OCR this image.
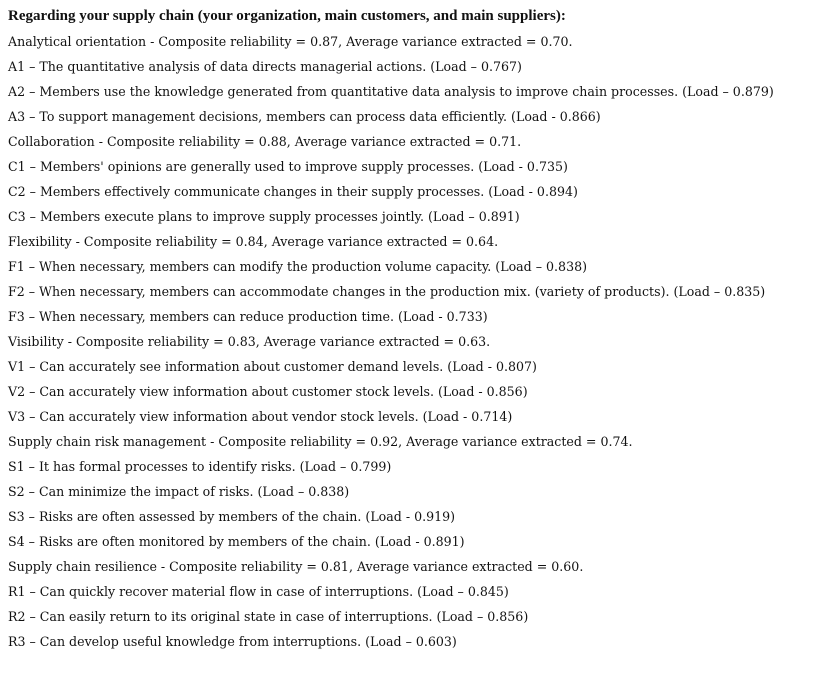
Regarding your supply chain (your organization, main customers, and main suppliers):
Analytical orientation - Composite reliability = 0.87, Average variance extracted = 0.70.
A1 – The quantitative analysis of data directs managerial actions. (Load – 0.767)
A2 – Members use the knowledge generated from quantitative data analysis to improve chain processes. (Load – 0.879)
A3 – To support management decisions, members can process data efficiently. (Load - 0.866)
Collaboration - Composite reliability = 0.88, Average variance extracted = 0.71.
C1 – Members' opinions are generally used to improve supply processes. (Load - 0.735)
C2 – Members effectively communicate changes in their supply processes. (Load - 0.894)
C3 – Members execute plans to improve supply processes jointly. (Load – 0.891)
Flexibility - Composite reliability = 0.84, Average variance extracted = 0.64.
F1 – When necessary, members can modify the production volume capacity. (Load – 0.838)
F2 – When necessary, members can accommodate changes in the production mix. (variety of products). (Load – 0.835)
F3 – When necessary, members can reduce production time. (Load - 0.733)
Visibility - Composite reliability = 0.83, Average variance extracted = 0.63.
V1 – Can accurately see information about customer demand levels. (Load - 0.807)
V2 – Can accurately view information about customer stock levels. (Load - 0.856)
V3 – Can accurately view information about vendor stock levels. (Load - 0.714)
Supply chain risk management - Composite reliability = 0.92, Average variance extracted = 0.74.
S1 – It has formal processes to identify risks. (Load – 0.799)
S2 – Can minimize the impact of risks. (Load – 0.838)
S3 – Risks are often assessed by members of the chain. (Load - 0.919)
S4 – Risks are often monitored by members of the chain. (Load - 0.891)
Supply chain resilience - Composite reliability = 0.81, Average variance extracted = 0.60.
R1 – Can quickly recover material flow in case of interruptions. (Load – 0.845)
R2 – Can easily return to its original state in case of interruptions. (Load – 0.856)
R3 – Can develop useful knowledge from interruptions. (Load – 0.603)
